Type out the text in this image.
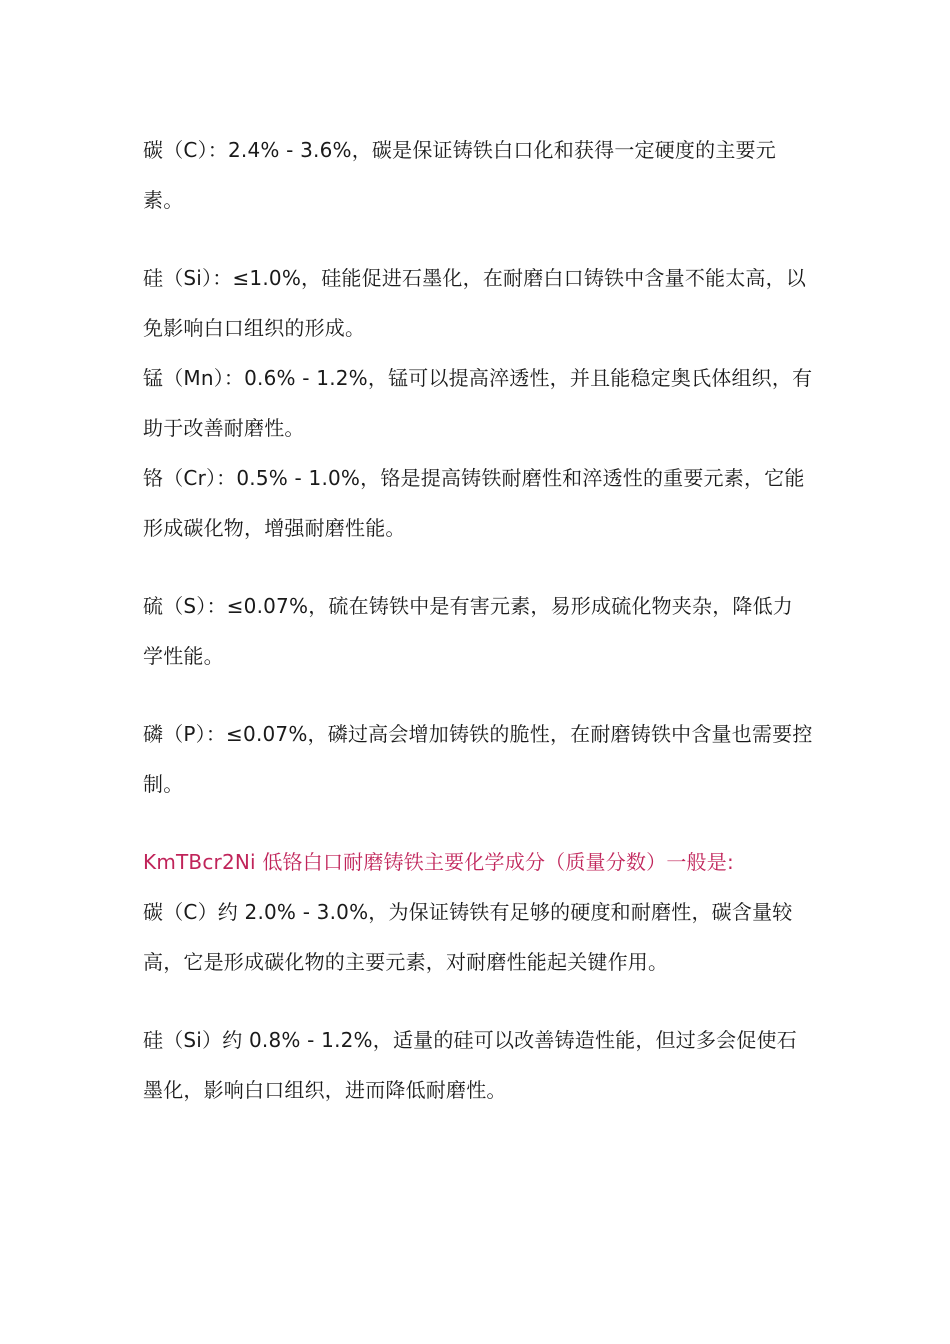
碳（C）：2.4% - 3.6%，碳是保证铸铁白口化和获得一定硬度的主要元素。

硅（Si）：≤1.0%，硅能促进石墨化，在耐磨白口铸铁中含量不能太高，以免影响白口组织的形成。

锰（Mn）：0.6% - 1.2%，锰可以提高淬透性，并且能稳定奥氏体组织，有助于改善耐磨性。

铬（Cr）：0.5% - 1.0%，铬是提高铸铁耐磨性和淬透性的重要元素，它能形成碳化物，增强耐磨性能。

硫（S）：≤0.07%，硫在铸铁中是有害元素，易形成硫化物夹杂，降低力学性能。

磷（P）：≤0.07%，磷过高会增加铸铁的脆性，在耐磨铸铁中含量也需要控制。

KmTBcr2Ni 低铬白口耐磨铸铁主要化学成分（质量分数）一般是:

碳（C）约 2.0% - 3.0%，为保证铸铁有足够的硬度和耐磨性，碳含量较高，它是形成碳化物的主要元素，对耐磨性能起关键作用。

硅（Si）约 0.8% - 1.2%，适量的硅可以改善铸造性能，但过多会促使石墨化，影响白口组织，进而降低耐磨性。
